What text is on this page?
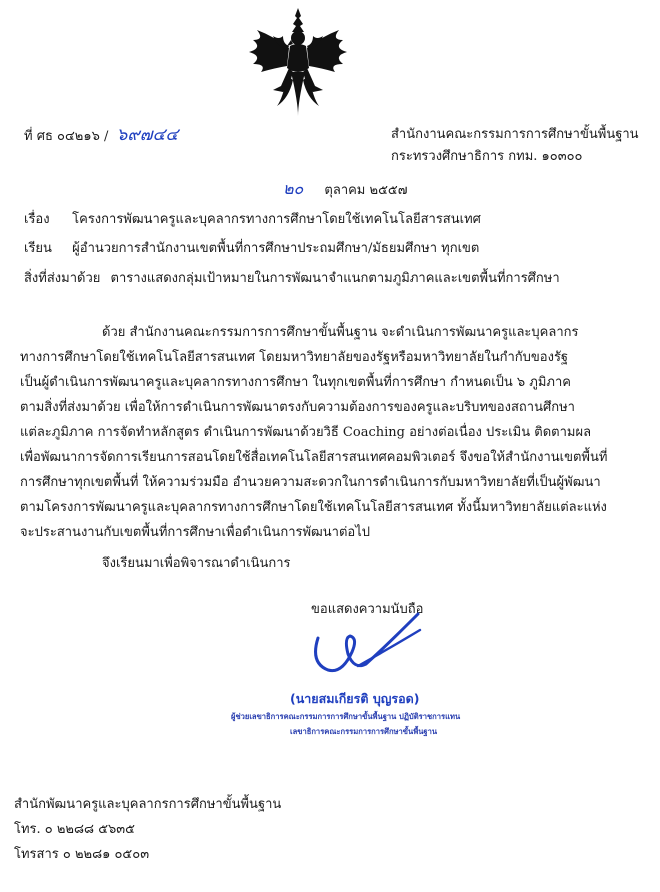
ที่ ศธ ๐๔๒๑๖ / ๖๙๗๔๔	สำนักงานคณะกรรมการการศึกษาขั้นพื้นฐาน
กระทรวงศึกษาธิการ กทม. ๑๐๓๐๐
๒๐ ตุลาคม ๒๕๕๗
เรื่อง โครงการพัฒนาครูและบุคลากรทางการศึกษาโดยใช้เทคโนโลยีสารสนเทศ
เรียน ผู้อำนวยการสำนักงานเขตพื้นที่การศึกษาประถมศึกษา/มัธยมศึกษา ทุกเขต
สิ่งที่ส่งมาด้วย ตารางแสดงกลุ่มเป้าหมายในการพัฒนาจำแนกตามภูมิภาคและเขตพื้นที่การศึกษา
ด้วย สำนักงานคณะกรรมการการศึกษาขั้นพื้นฐาน จะดำเนินการพัฒนาครูและบุคลากร
ทางการศึกษาโดยใช้เทคโนโลยีสารสนเทศ โดยมหาวิทยาลัยของรัฐหรือมหาวิทยาลัยในกำกับของรัฐ
เป็นผู้ดำเนินการพัฒนาครูและบุคลากรทางการศึกษา ในทุกเขตพื้นที่การศึกษา กำหนดเป็น ๖ ภูมิภาค
ตามสิ่งที่ส่งมาด้วย เพื่อให้การดำเนินการพัฒนาตรงกับความต้องการของครูและบริบทของสถานศึกษา
แต่ละภูมิภาค การจัดทำหลักสูตร ดำเนินการพัฒนาด้วยวิธี Coaching อย่างต่อเนื่อง ประเมิน ติดตามผล
เพื่อพัฒนาการจัดการเรียนการสอนโดยใช้สื่อเทคโนโลยีสารสนเทศคอมพิวเตอร์ จึงขอให้สำนักงานเขตพื้นที่
การศึกษาทุกเขตพื้นที่ ให้ความร่วมมือ อำนวยความสะดวกในการดำเนินการกับมหาวิทยาลัยที่เป็นผู้พัฒนา
ตามโครงการพัฒนาครูและบุคลากรทางการศึกษาโดยใช้เทคโนโลยีสารสนเทศ ทั้งนี้มหาวิทยาลัยแต่ละแห่ง
จะประสานงานกับเขตพื้นที่การศึกษาเพื่อดำเนินการพัฒนาต่อไป
จึงเรียนมาเพื่อพิจารณาดำเนินการ
ขอแสดงความนับถือ
(นายสมเกียรติ บุญรอด)
ผู้ช่วยเลขาธิการคณะกรรมการการศึกษาขั้นพื้นฐาน ปฏิบัติราชการแทน
เลขาธิการคณะกรรมการการศึกษาขั้นพื้นฐาน
สำนักพัฒนาครูและบุคลากรการศึกษาขั้นพื้นฐาน
โทร. ๐ ๒๒๘๘ ๕๖๓๕
โทรสาร ๐ ๒๒๘๑ ๐๕๐๓
